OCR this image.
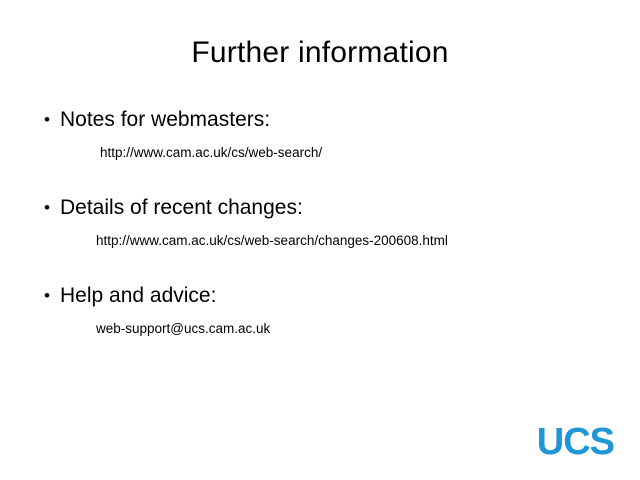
Further information
• Notes for webmasters:
http://www.cam.ac.uk/cs/web-search/
• Details of recent changes:
http://www.cam.ac.uk/cs/web-search/changes-200608.html
• Help and advice:
web-support@ucs.cam.ac.uk
UCS
